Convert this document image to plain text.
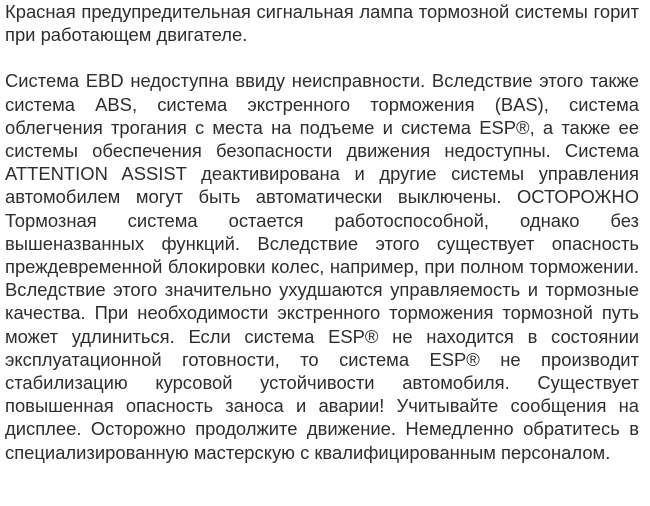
Красная предупредительная сигнальная лампа тормозной системы горит при работающем двигателе.

Система EBD недоступна ввиду неисправности. Вследствие этого также система ABS, система экстренного торможения (BAS), система облегчения трогания с места на подъеме и система ESP®, а также ее системы обеспечения безопасности движения недоступны. Система ATTENTION ASSIST деактивирована и другие системы управления автомобилем могут быть автоматически выключены. ОСТОРОЖНО Тормозная система остается работоспособной, однако без вышеназванных функций. Вследствие этого существует опасность преждевременной блокировки колес, например, при полном торможении. Вследствие этого значительно ухудшаются управляемость и тормозные качества. При необходимости экстренного торможения тормозной путь может удлиниться. Если система ESP® не находится в состоянии эксплуатационной готовности, то система ESP® не производит стабилизацию курсовой устойчивости автомобиля. Существует повышенная опасность заноса и аварии! Учитывайте сообщения на дисплее. Осторожно продолжите движение. Немедленно обратитесь в специализированную мастерскую с квалифицированным персоналом.
